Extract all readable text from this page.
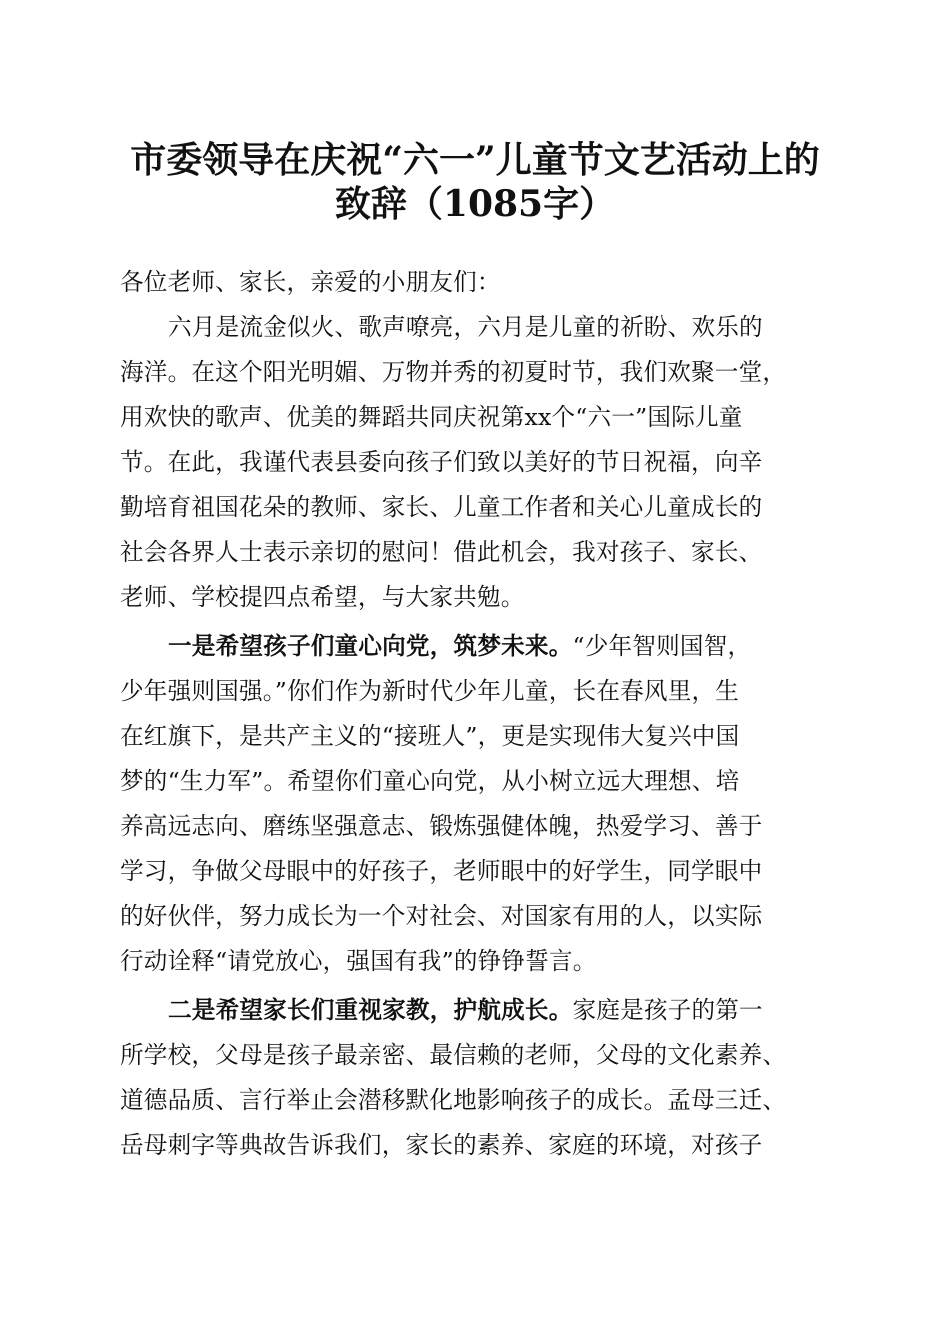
市委领导在庆祝“六一”儿童节文艺活动上的
致辞（1085字）
各位老师、家长，亲爱的小朋友们：
六月是流金似火、歌声嘹亮，六月是儿童的祈盼、欢乐的
海洋。在这个阳光明媚、万物并秀的初夏时节，我们欢聚一堂，
用欢快的歌声、优美的舞蹈共同庆祝第xx个“六一”国际儿童
节。在此，我谨代表县委向孩子们致以美好的节日祝福，向辛
勤培育祖国花朵的教师、家长、儿童工作者和关心儿童成长的
社会各界人士表示亲切的慰问！借此机会，我对孩子、家长、
老师、学校提四点希望，与大家共勉。
一是希望孩子们童心向党，筑梦未来。“少年智则国智，
少年强则国强。”你们作为新时代少年儿童，长在春风里，生
在红旗下，是共产主义的“接班人”，更是实现伟大复兴中国
梦的“生力军”。希望你们童心向党，从小树立远大理想、培
养高远志向、磨练坚强意志、锻炼强健体魄，热爱学习、善于
学习，争做父母眼中的好孩子，老师眼中的好学生，同学眼中
的好伙伴，努力成长为一个对社会、对国家有用的人，以实际
行动诠释“请党放心，强国有我”的铮铮誓言。
二是希望家长们重视家教，护航成长。家庭是孩子的第一
所学校，父母是孩子最亲密、最信赖的老师，父母的文化素养、
道德品质、言行举止会潜移默化地影响孩子的成长。孟母三迁、
岳母刺字等典故告诉我们，家长的素养、家庭的环境，对孩子
